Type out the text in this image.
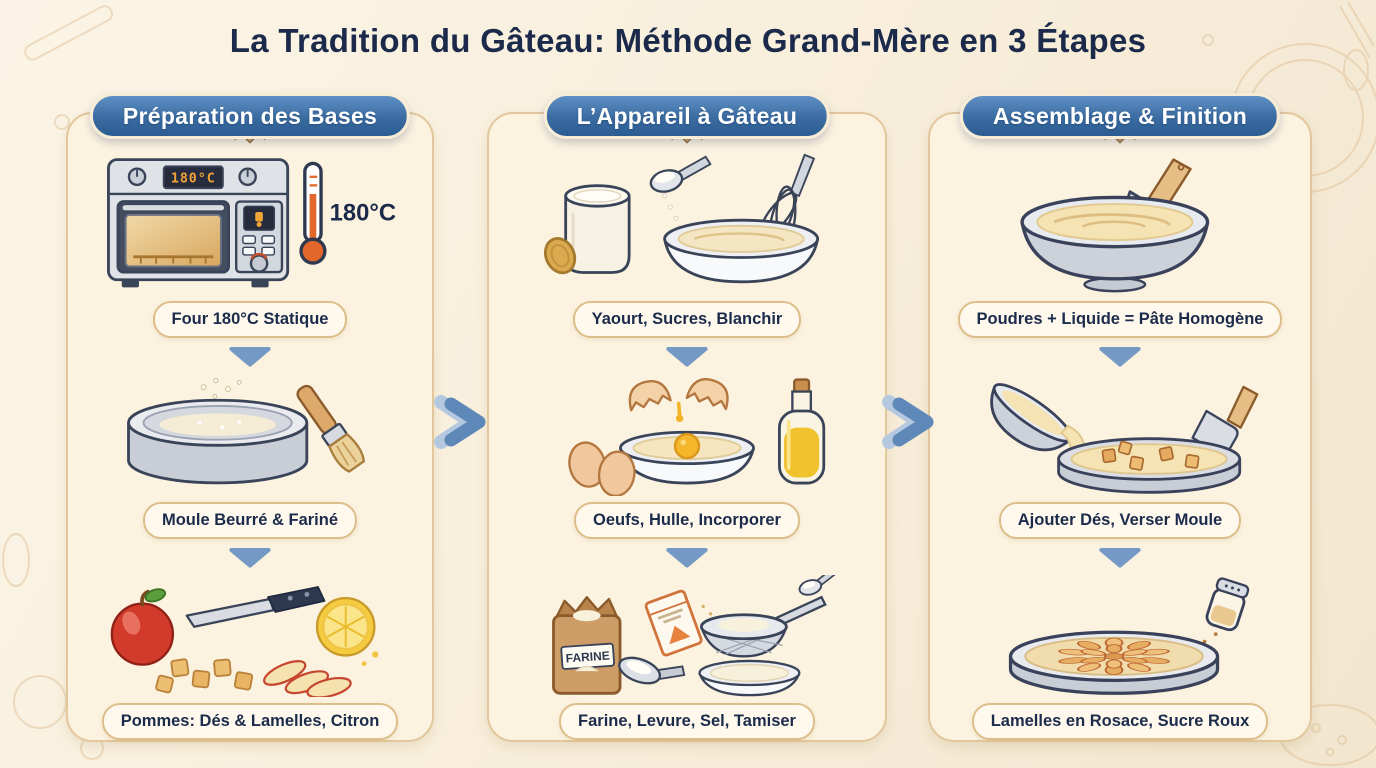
La Tradition du Gâteau: Méthode Grand-Mère en 3 Étapes
Préparation des Bases
180°C
180°C
Four 180°C Statique
Moule Beurré & Fariné
Pommes: Dés & Lamelles, Citron
L’Appareil à Gâteau
Yaourt, Sucres, Blanchir
Oeufs, Hulle, Incorporer
FARINE
Farine, Levure, Sel, Tamiser
Assemblage & Finition
Poudres + Liquide = Pâte Homogène
Ajouter Dés, Verser Moule
Lamelles en Rosace, Sucre Roux
